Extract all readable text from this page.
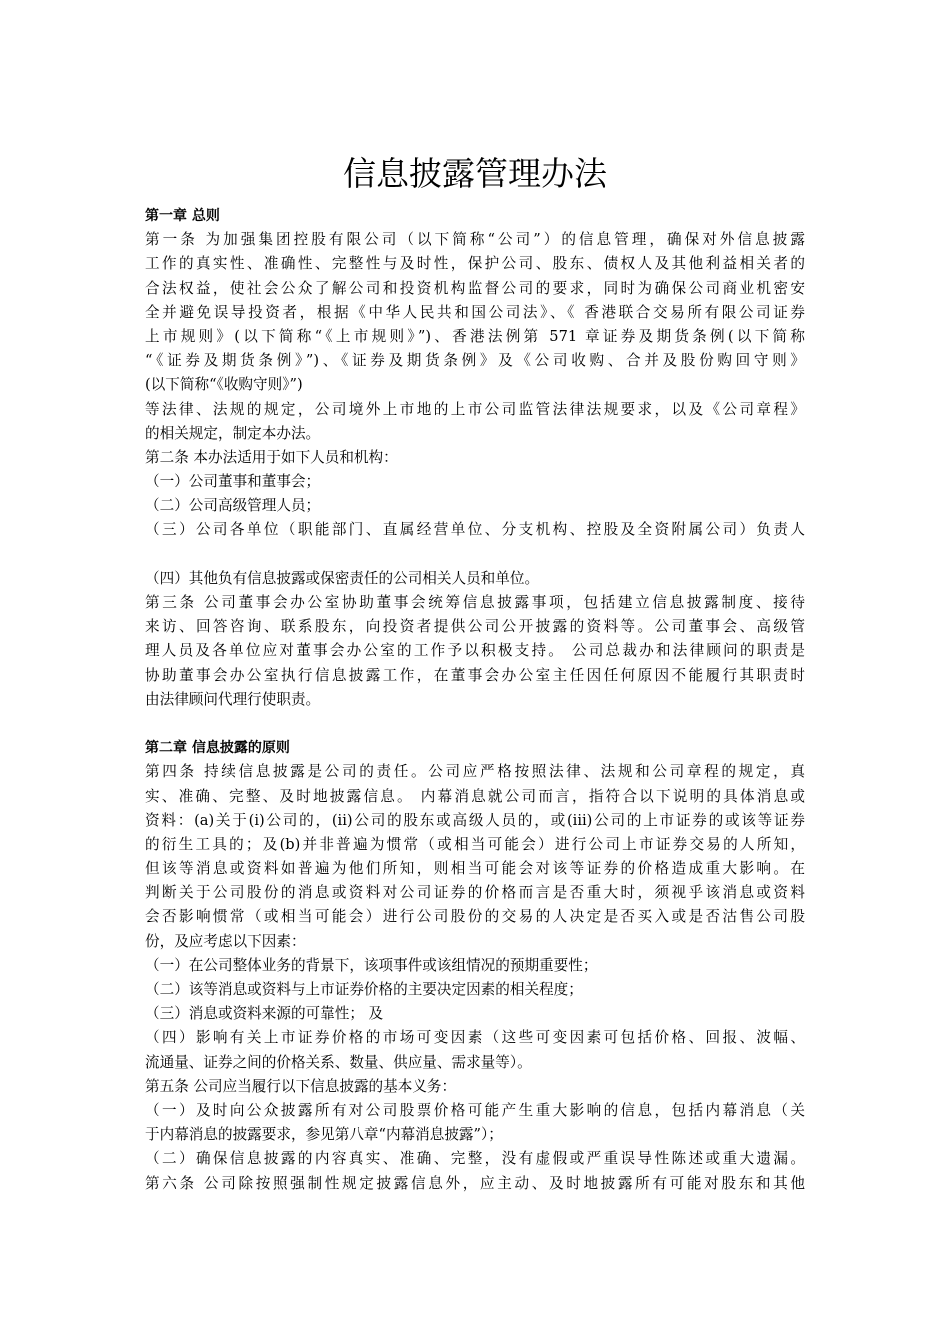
信息披露管理办法
第一章 总则
第一条 为加强集团控股有限公司（以下简称“公司”）的信息管理，确保对外信息披露
工作的真实性、准确性、完整性与及时性，保护公司、股东、债权人及其他利益相关者的
合法权益，使社会公众了解公司和投资机构监督公司的要求，同时为确保公司商业机密安
全并避免误导投资者，根据《中华人民共和国公司法》、《 香港联合交易所有限公司证券
上市规则》(以下简称“《上市规则》”)、香港法例第 571 章证券及期货条例(以下简称
“《证券及期货条例》”)、《证券及期货条例》及《公司收购、合并及股份购回守则》
(以下简称“《收购守则》”)
等法律、法规的规定，公司境外上市地的上市公司监管法律法规要求，以及《公司章程》
的相关规定，制定本办法。
第二条 本办法适用于如下人员和机构：
（一）公司董事和董事会；
（二）公司高级管理人员；
（三）公司各单位（职能部门、直属经营单位、分支机构、控股及全资附属公司）负责人
（四）其他负有信息披露或保密责任的公司相关人员和单位。
第三条 公司董事会办公室协助董事会统筹信息披露事项，包括建立信息披露制度、接待
来访、回答咨询、联系股东，向投资者提供公司公开披露的资料等。公司董事会、高级管
理人员及各单位应对董事会办公室的工作予以积极支持。 公司总裁办和法律顾问的职责是
协助董事会办公室执行信息披露工作，在董事会办公室主任因任何原因不能履行其职责时
由法律顾问代理行使职责。
第二章 信息披露的原则
第四条 持续信息披露是公司的责任。公司应严格按照法律、法规和公司章程的规定，真
实、准确、完整、及时地披露信息。 内幕消息就公司而言，指符合以下说明的具体消息或
资料：(a)关于(i)公司的，(ii)公司的股东或高级人员的，或(iii)公司的上市证券的或该等证券
的衍生工具的；及(b)并非普遍为惯常（或相当可能会）进行公司上市证券交易的人所知，
但该等消息或资料如普遍为他们所知，则相当可能会对该等证券的价格造成重大影响。在
判断关于公司股份的消息或资料对公司证券的价格而言是否重大时，须视乎该消息或资料
会否影响惯常（或相当可能会）进行公司股份的交易的人决定是否买入或是否沽售公司股
份，及应考虑以下因素：
（一）在公司整体业务的背景下，该项事件或该组情况的预期重要性；
（二）该等消息或资料与上市证券价格的主要决定因素的相关程度；
（三）消息或资料来源的可靠性； 及
（四）影响有关上市证券价格的市场可变因素（这些可变因素可包括价格、回报、波幅、
流通量、证券之间的价格关系、数量、供应量、需求量等）。
第五条 公司应当履行以下信息披露的基本义务：
（一）及时向公众披露所有对公司股票价格可能产生重大影响的信息，包括内幕消息（关
于内幕消息的披露要求，参见第八章“内幕消息披露”）；
（二）确保信息披露的内容真实、准确、完整，没有虚假或严重误导性陈述或重大遗漏。
第六条 公司除按照强制性规定披露信息外，应主动、及时地披露所有可能对股东和其他
